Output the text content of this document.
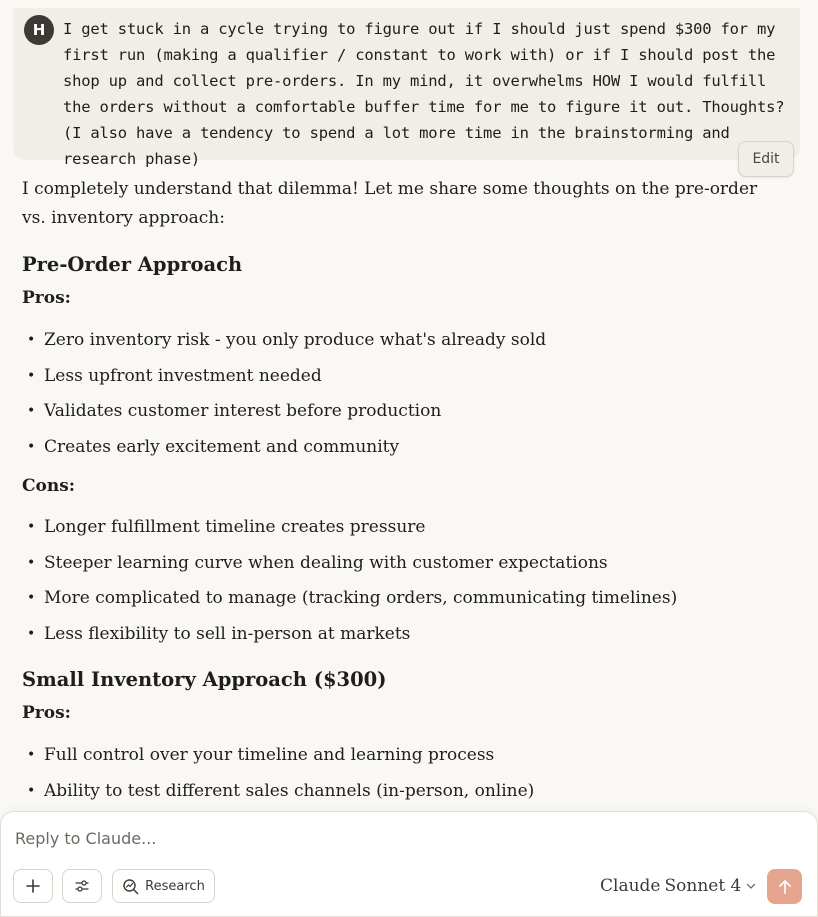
H	I get stuck in a cycle trying to figure out if I should just spend $300 for my first run (making a qualifier / constant to work with) or if I should post the shop up and collect pre-orders. In my mind, it overwhelms HOW I would fulfill the orders without a comfortable buffer time for me to figure it out. Thoughts? (I also have a tendency to spend a lot more time in the brainstorming and research phase)	Edit

I completely understand that dilemma! Let me share some thoughts on the pre-order vs. inventory approach:

Pre-Order Approach

Pros:

• Zero inventory risk - you only produce what's already sold
• Less upfront investment needed
• Validates customer interest before production
• Creates early excitement and community

Cons:

• Longer fulfillment timeline creates pressure
• Steeper learning curve when dealing with customer expectations
• More complicated to manage (tracking orders, communicating timelines)
• Less flexibility to sell in-person at markets
Small Inventory Approach ($300)

Pros:

• Full control over your timeline and learning process
• Ability to test different sales channels (in-person, online)
Reply to Claude...
Research	Claude Sonnet 4
